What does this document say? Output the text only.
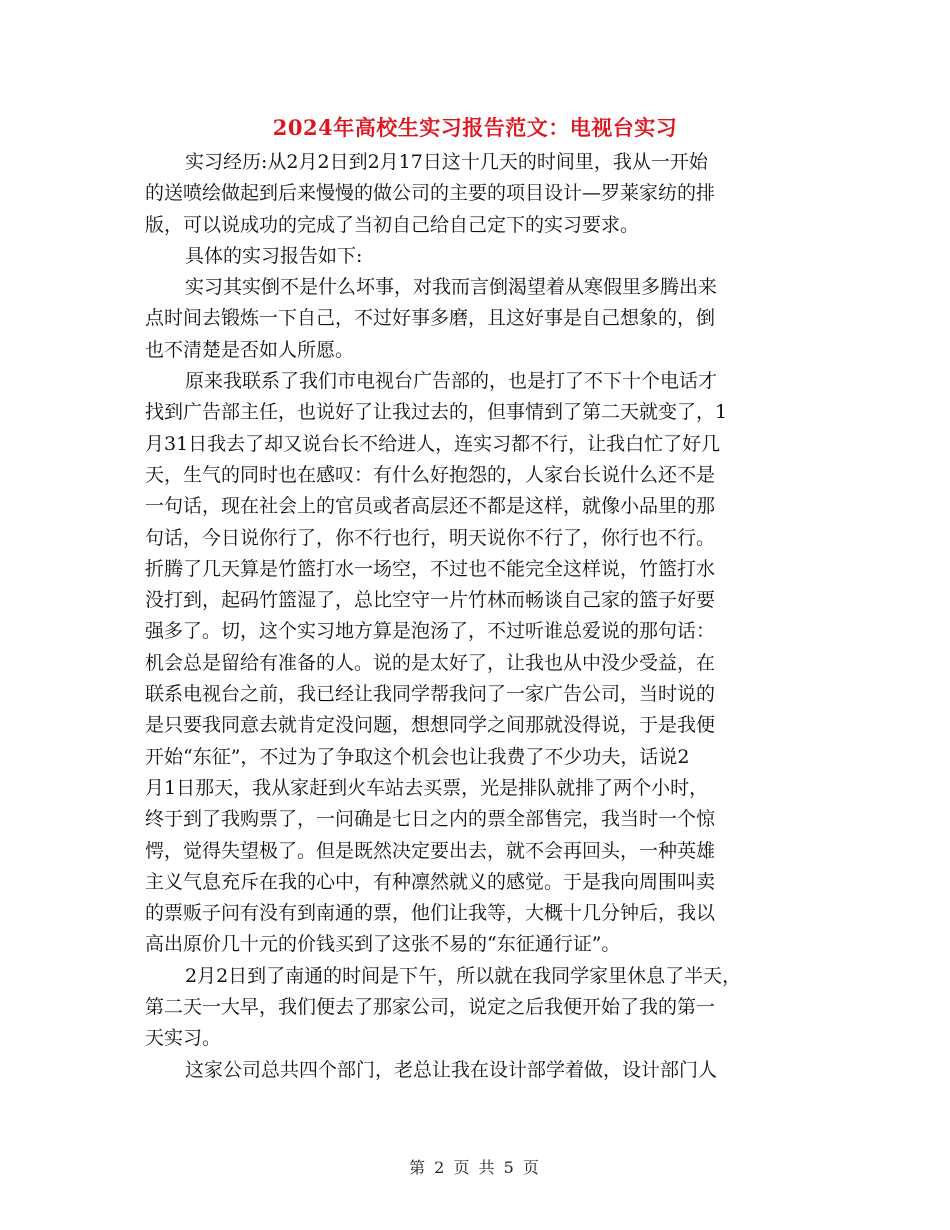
2024年高校生实习报告范文：电视台实习
实习经历:从2月2日到2月17日这十几天的时间里，我从一开始
的送喷绘做起到后来慢慢的做公司的主要的项目设计—罗莱家纺的排
版，可以说成功的完成了当初自己给自己定下的实习要求。
具体的实习报告如下:
实习其实倒不是什么坏事，对我而言倒渴望着从寒假里多腾出来
点时间去锻炼一下自己，不过好事多磨，且这好事是自己想象的，倒
也不清楚是否如人所愿。
原来我联系了我们市电视台广告部的，也是打了不下十个电话才
找到广告部主任，也说好了让我过去的，但事情到了第二天就变了，1
月31日我去了却又说台长不给进人，连实习都不行，让我白忙了好几
天，生气的同时也在感叹：有什么好抱怨的，人家台长说什么还不是
一句话，现在社会上的官员或者高层还不都是这样，就像小品里的那
句话，今日说你行了，你不行也行，明天说你不行了，你行也不行。
折腾了几天算是竹篮打水一场空，不过也不能完全这样说，竹篮打水
没打到，起码竹篮湿了，总比空守一片竹林而畅谈自己家的篮子好要
强多了。切，这个实习地方算是泡汤了，不过听谁总爱说的那句话：
机会总是留给有准备的人。说的是太好了，让我也从中没少受益，在
联系电视台之前，我已经让我同学帮我问了一家广告公司，当时说的
是只要我同意去就肯定没问题，想想同学之间那就没得说，于是我便
开始“东征”，不过为了争取这个机会也让我费了不少功夫，话说2
月1日那天，我从家赶到火车站去买票，光是排队就排了两个小时，
终于到了我购票了，一问确是七日之内的票全部售完，我当时一个惊
愕，觉得失望极了。但是既然决定要出去，就不会再回头，一种英雄
主义气息充斥在我的心中，有种凛然就义的感觉。于是我向周围叫卖
的票贩子问有没有到南通的票，他们让我等，大概十几分钟后，我以
高出原价几十元的价钱买到了这张不易的“东征通行证”。
2月2日到了南通的时间是下午，所以就在我同学家里休息了半天，
第二天一大早，我们便去了那家公司，说定之后我便开始了我的第一
天实习。
这家公司总共四个部门，老总让我在设计部学着做，设计部门人
第 2 页 共 5 页
